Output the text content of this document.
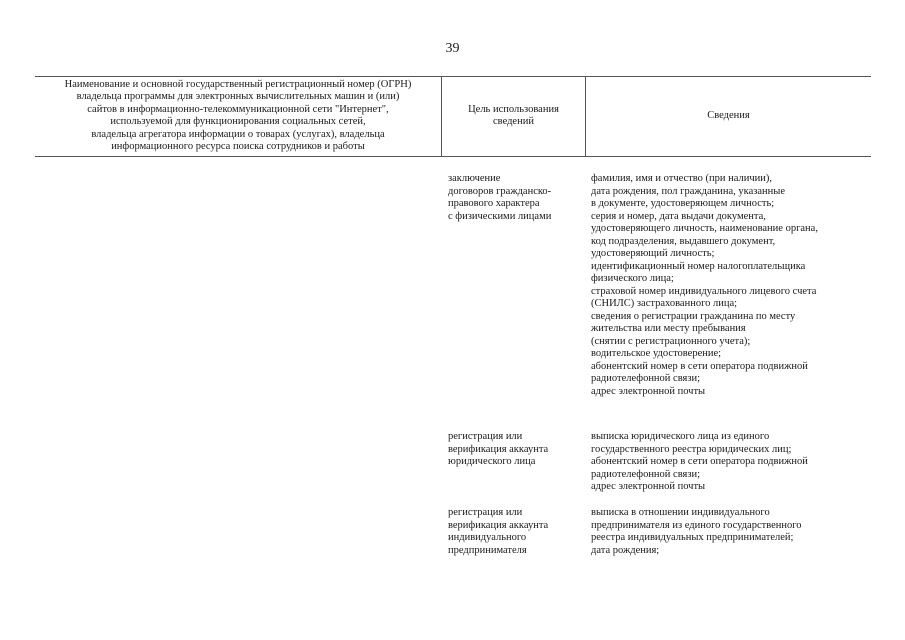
39
Наименование и основной государственный регистрационный номер (ОГРН)
владельца программы для электронных вычислительных машин и (или)
сайтов в информационно-телекоммуникационной сети "Интернет",
используемой для функционирования социальных сетей,
владельца агрегатора информации о товарах (услугах), владельца
информационного ресурса поиска сотрудников и работы
Цель использования
сведений
Сведения
заключение
договоров гражданско-
правового характера
с физическими лицами
фамилия, имя и отчество (при наличии),
дата рождения, пол гражданина, указанные
в документе, удостоверяющем личность;
серия и номер, дата выдачи документа,
удостоверяющего личность, наименование органа,
код подразделения, выдавшего документ,
удостоверяющий личность;
идентификационный номер налогоплательщика
физического лица;
страховой номер индивидуального лицевого счета
(СНИЛС) застрахованного лица;
сведения о регистрации гражданина по месту
жительства или месту пребывания
(снятии с регистрационного учета);
водительское удостоверение;
абонентский номер в сети оператора подвижной
радиотелефонной связи;
адрес электронной почты
регистрация или
верификация аккаунта
юридического лица
выписка юридического лица из единого
государственного реестра юридических лиц;
абонентский номер в сети оператора подвижной
радиотелефонной связи;
адрес электронной почты
регистрация или
верификация аккаунта
индивидуального
предпринимателя
выписка в отношении индивидуального
предпринимателя из единого государственного
реестра индивидуальных предпринимателей;
дата рождения;
